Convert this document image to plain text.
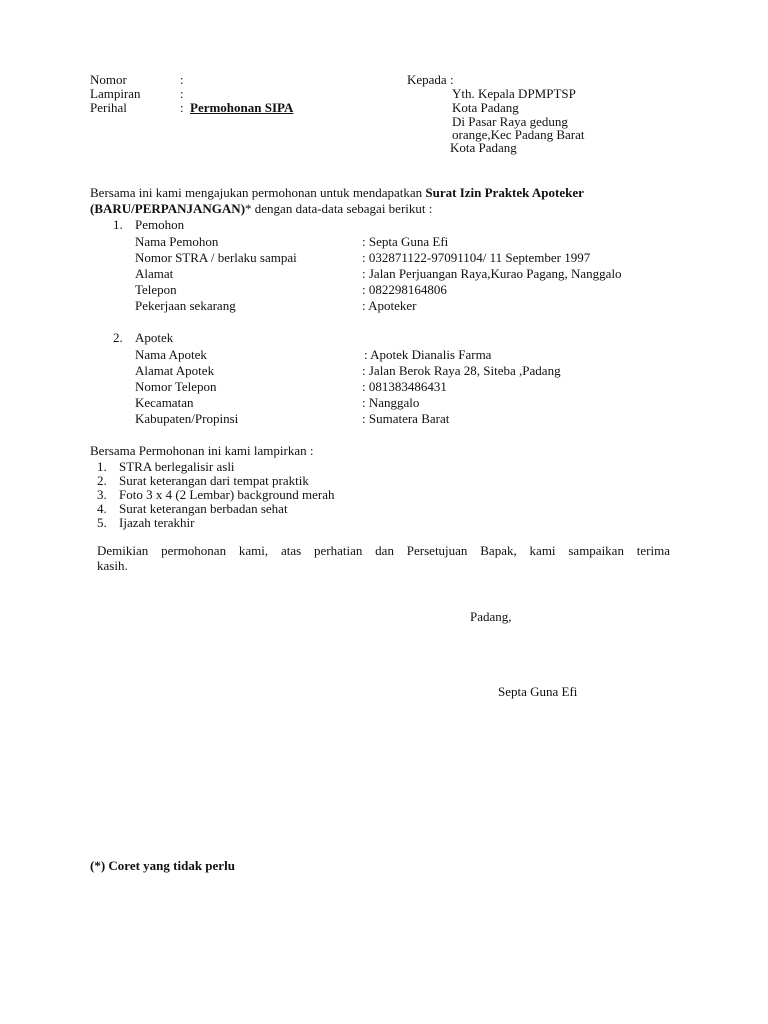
Nomor	:
Lampiran	:
Perihal	: Permohonan SIPA
Kepada :
Yth. Kepala DPMPTSP
Kota Padang
Di Pasar Raya gedung
orange,Kec Padang Barat
Kota Padang
Bersama ini kami mengajukan permohonan untuk mendapatkan Surat Izin Praktek Apoteker
(BARU/PERPANJANGAN)* dengan data-data sebagai berikut :
1. Pemohon
Nama Pemohon	: Septa Guna Efi
Nomor STRA / berlaku sampai	: 032871122-97091104/ 11 September 1997
Alamat	: Jalan Perjuangan Raya,Kurao Pagang, Nanggalo
Telepon	: 082298164806
Pekerjaan sekarang	: Apoteker
2. Apotek
Nama Apotek	: Apotek Dianalis Farma
Alamat Apotek	: Jalan Berok Raya 28, Siteba ,Padang
Nomor Telepon	: 081383486431
Kecamatan	: Nanggalo
Kabupaten/Propinsi	: Sumatera Barat
Bersama Permohonan ini kami lampirkan :
1. STRA berlegalisir asli
2. Surat keterangan dari tempat praktik
3. Foto 3 x 4 (2 Lembar) background merah
4. Surat keterangan berbadan sehat
5. Ijazah terakhir
Demikian permohonan kami, atas perhatian dan Persetujuan Bapak, kami sampaikan terima
kasih.
Padang,
Septa Guna Efi
(*) Coret yang tidak perlu
